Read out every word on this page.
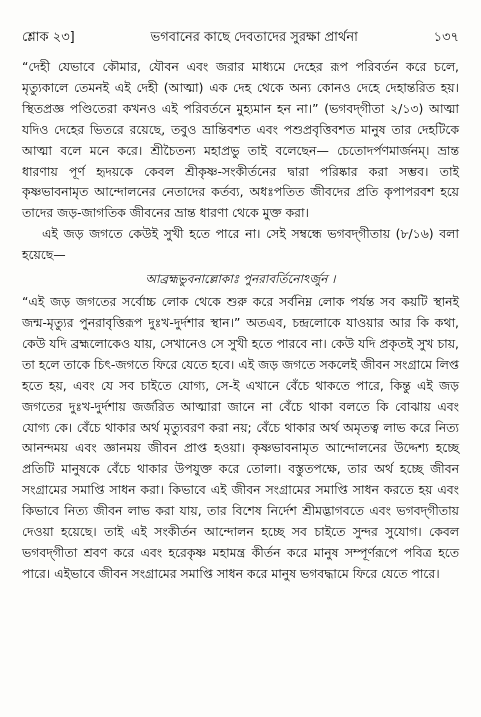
শ্লোক ২৩]	ভগবানের কাছে দেবতাদের সুরক্ষা প্রার্থনা	১৩৭

“দেহী যেভাবে কৌমার, যৌবন এবং জরার মাধ্যমে দেহের রূপ পরিবর্তন করে চলে, মৃত্যুকালে তেমনই এই দেহী (আত্মা) এক দেহ থেকে অন্য কোনও দেহে দেহান্তরিত হয়। স্থিতপ্রজ্ঞ পণ্ডিতেরা কখনও এই পরিবর্তনে মুহ্যমান হন না।” (ভগবদ্‌গীতা ২/১৩) আত্মা যদিও দেহের ভিতরে রয়েছে, তবুও ভ্রান্তিবশত এবং পশুপ্রবৃত্তিবশত মানুষ তার দেহটিকে আত্মা বলে মনে করে। শ্রীচৈতন্য মহাপ্রভু তাই বলেছেন— চেতোদর্পণমার্জনম্। ভ্রান্ত ধারণায় পূর্ণ হৃদয়কে কেবল শ্রীকৃষ্ণ-সংকীর্তনের দ্বারা পরিষ্কার করা সম্ভব। তাই কৃষ্ণভাবনামৃত আন্দোলনের নেতাদের কর্তব্য, অধঃপতিত জীবদের প্রতি কৃপাপরবশ হয়ে তাদের জড়-জাগতিক জীবনের ভ্রান্ত ধারণা থেকে মুক্ত করা।

এই জড় জগতে কেউই সুখী হতে পারে না। সেই সম্বন্ধে ভগবদ্‌গীতায় (৮/১৬) বলা হয়েছে—

আব্রহ্মভুবনাল্লোকাঃ পুনরাবর্তিনোঽর্জুন ।

“এই জড় জগতের সর্বোচ্চ লোক থেকে শুরু করে সর্বনিম্ন লোক পর্যন্ত সব কয়টি স্থানই জন্ম-মৃত্যুর পুনরাবৃত্তিরূপ দুঃখ-দুর্দশার স্থান।” অতএব, চন্দ্রলোকে যাওয়ার আর কি কথা, কেউ যদি ব্রহ্মলোকেও যায়, সেখানেও সে সুখী হতে পারবে না। কেউ যদি প্রকৃতই সুখ চায়, তা হলে তাকে চিৎ-জগতে ফিরে যেতে হবে। এই জড় জগতে সকলেই জীবন সংগ্রামে লিপ্ত হতে হয়, এবং যে সব চাইতে যোগ্য, সে-ই এখানে বেঁচে থাকতে পারে, কিন্তু এই জড় জগতের দুঃখ-দুর্দশায় জর্জরিত আত্মারা জানে না বেঁচে থাকা বলতে কি বোঝায় এবং যোগ্য কে। বেঁচে থাকার অর্থ মৃত্যুবরণ করা নয়; বেঁচে থাকার অর্থ অমৃতত্ব লাভ করে নিত্য আনন্দময় এবং জ্ঞানময় জীবন প্রাপ্ত হওয়া। কৃষ্ণভাবনামৃত আন্দোলনের উদ্দেশ্য হচ্ছে প্রতিটি মানুষকে বেঁচে থাকার উপযুক্ত করে তোলা। বস্তুতপক্ষে, তার অর্থ হচ্ছে জীবন সংগ্রামের সমাপ্তি সাধন করা। কিভাবে এই জীবন সংগ্রামের সমাপ্তি সাধন করতে হয় এবং কিভাবে নিত্য জীবন লাভ করা যায়, তার বিশেষ নির্দেশ শ্রীমদ্ভাগবতে এবং ভগবদ্‌গীতায় দেওয়া হয়েছে। তাই এই সংকীর্তন আন্দোলন হচ্ছে সব চাইতে সুন্দর সুযোগ। কেবল ভগবদ্‌গীতা শ্রবণ করে এবং হরেকৃষ্ণ মহামন্ত্র কীর্তন করে মানুষ সম্পূর্ণরূপে পবিত্র হতে পারে। এইভাবে জীবন সংগ্রামের সমাপ্তি সাধন করে মানুষ ভগবদ্ধামে ফিরে যেতে পারে।
